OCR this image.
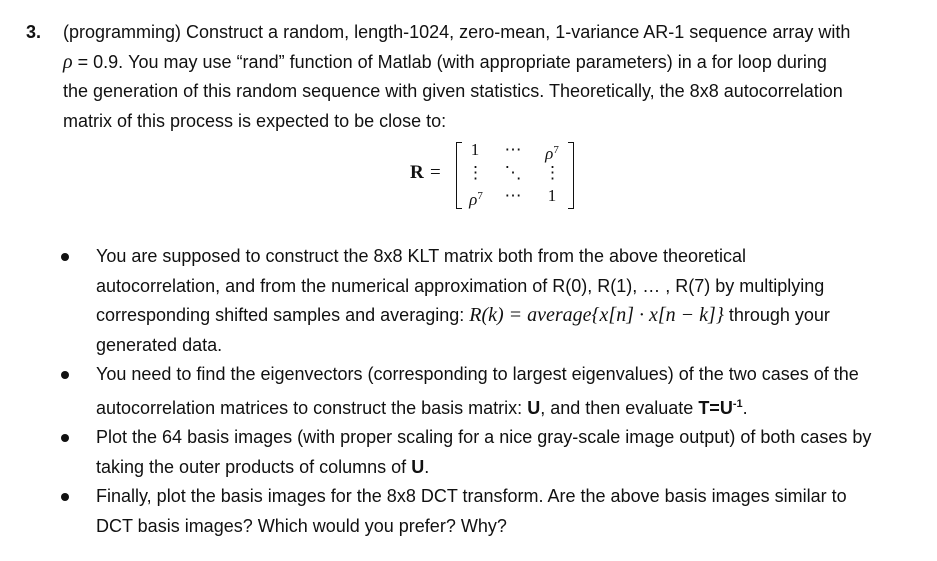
3. (programming) Construct a random, length-1024, zero-mean, 1-variance AR-1 sequence array with
ρ = 0.9. You may use “rand” function of Matlab (with appropriate parameters) in a for loop during
the generation of this random sequence with given statistics. Theoretically, the 8x8 autocorrelation
matrix of this process is expected to be close to:
R =
1 ⋯	$\rho^7$
⋮ ⋱ ⋮
$\rho^7$	⋯ 1
You are supposed to construct the 8x8 KLT matrix both from the above theoretical
autocorrelation, and from the numerical approximation of R(0), R(1), … , R(7) by multiplying
corresponding shifted samples and averaging: R(k) = average{x[n] · x[n − k]} through your
generated data.
You need to find the eigenvectors (corresponding to largest eigenvalues) of the two cases of the
autocorrelation matrices to construct the basis matrix: U, and then evaluate $T=U^{-1}$.
Plot the 64 basis images (with proper scaling for a nice gray-scale image output) of both cases by
taking the outer products of columns of U.
Finally, plot the basis images for the 8x8 DCT transform. Are the above basis images similar to
DCT basis images? Which would you prefer? Why?
